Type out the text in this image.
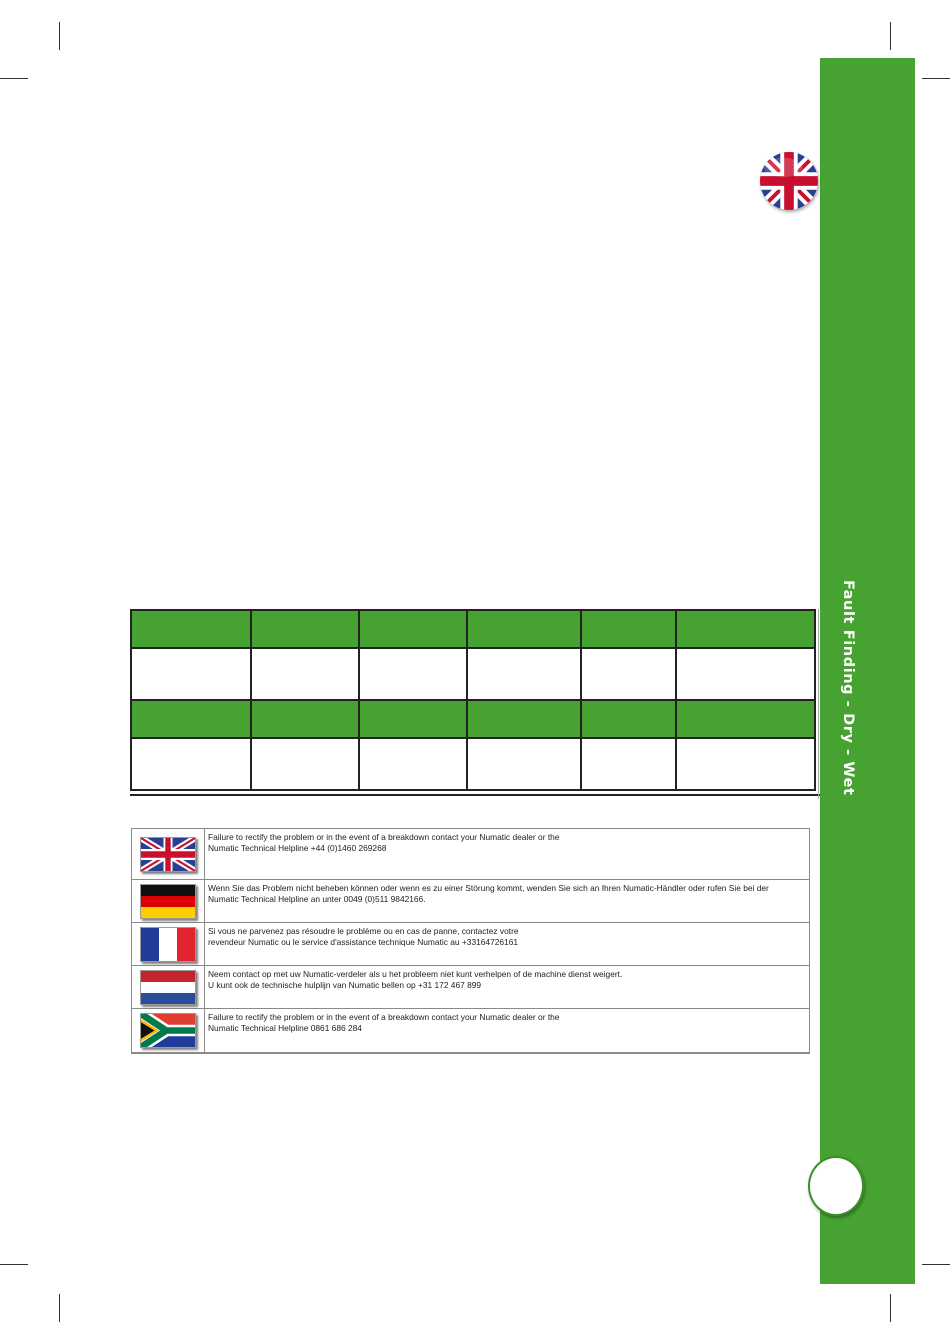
Fault Finding - Dry - Wet

Failure to rectify the problem or in the event of a breakdown contact your Numatic dealer or the
Numatic Technical Helpline +44 (0)1460 269268
Wenn Sie das Problem nicht beheben können oder wenn es zu einer Störung kommt, wenden Sie sich an Ihren Numatic-Händler oder rufen Sie bei der
Numatic Technical Helpline an unter 0049 (0)511 9842166.
Si vous ne parvenez pas résoudre le problème ou en cas de panne, contactez votre
revendeur Numatic ou le service d'assistance technique Numatic au +33164726161
Neem contact op met uw Numatic-verdeler als u het probleem niet kunt verhelpen of de machine dienst weigert.
U kunt ook de technische hulplijn van Numatic bellen op +31 172 467 899
Failure to rectify the problem or in the event of a breakdown contact your Numatic dealer or the
Numatic Technical Helpline 0861 686 284
